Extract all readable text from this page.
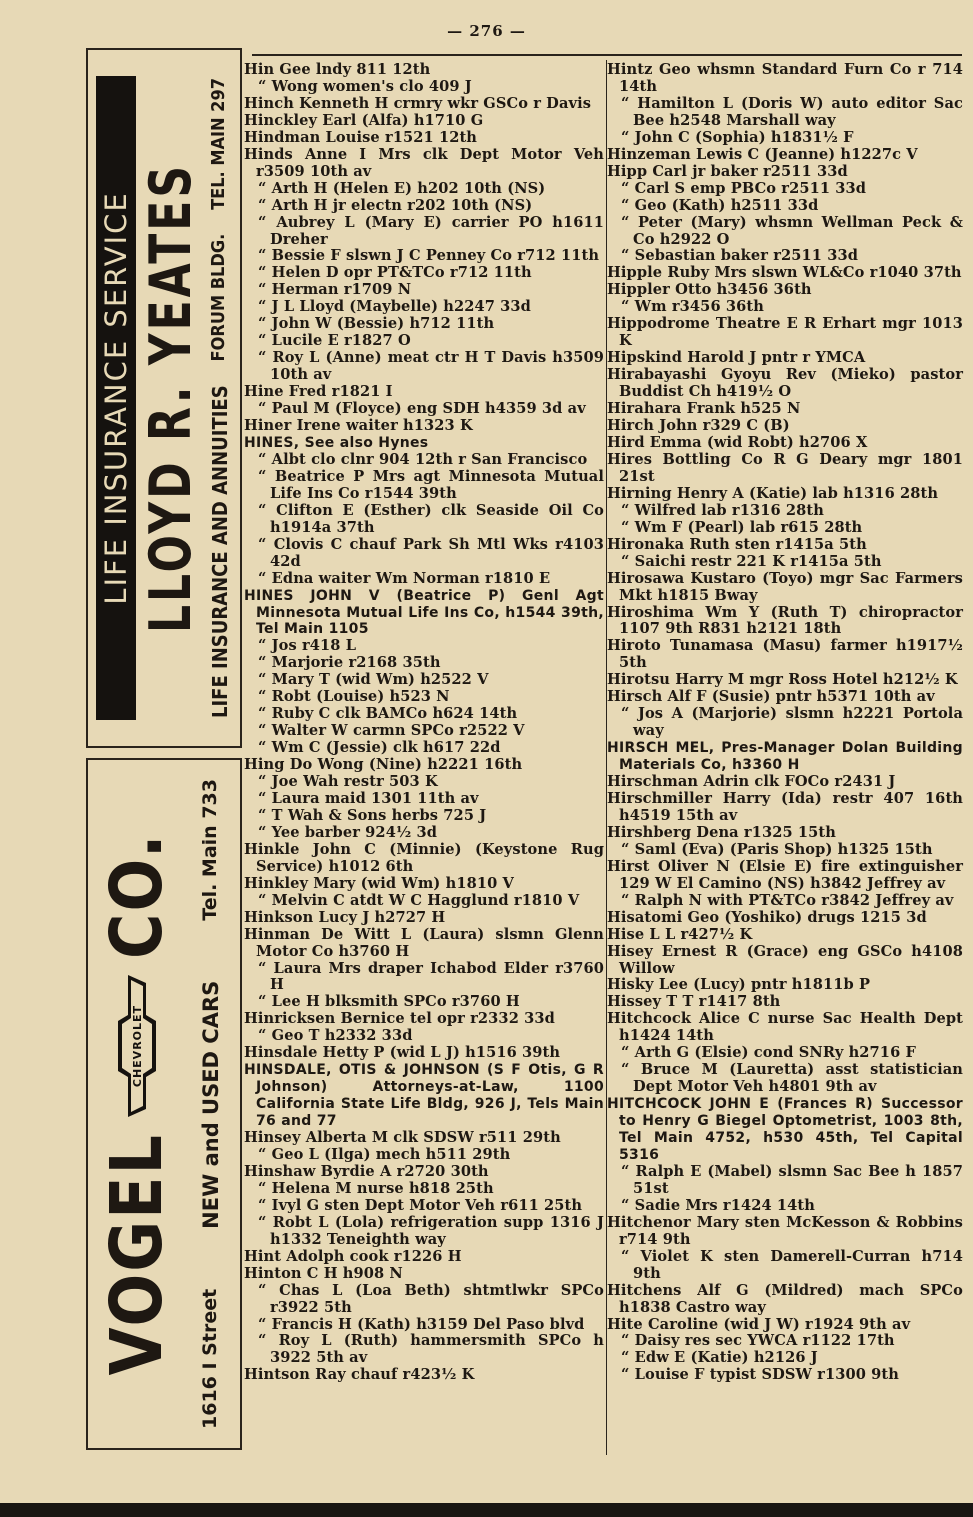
— 276 —
LIFE INSURANCE SERVICE LLOYD R. YEATES LIFE INSURANCE AND ANNUITIES
FORUM BLDG.
TEL. MAIN 297
VOGEL
CHEVROLET
CO.
1616 I Street
NEW and USED CARS
Tel. Main 733

Hin Gee lndy 811 12th

“ Wong women's clo 409 J

Hinch Kenneth H crmry wkr GSCo r Davis

Hinckley Earl (Alfa) h1710 G

Hindman Louise r1521 12th

Hinds Anne I Mrs clk Dept Motor Veh r3509 10th av

“ Arth H (Helen E) h202 10th (NS)

“ Arth H jr electn r202 10th (NS)

“ Aubrey L (Mary E) carrier PO h1611 Dreher

“ Bessie F slswn J C Penney Co r712 11th

“ Helen D opr PT&TCo r712 11th

“ Herman r1709 N

“ J L Lloyd (Maybelle) h2247 33d

“ John W (Bessie) h712 11th

“ Lucile E r1827 O

“ Roy L (Anne) meat ctr H T Davis h3509 10th av

Hine Fred r1821 I

“ Paul M (Floyce) eng SDH h4359 3d av

Hiner Irene waiter h1323 K

HINES, See also Hynes

“ Albt clo clnr 904 12th r San Francisco

“ Beatrice P Mrs agt Minnesota Mutual Life Ins Co r1544 39th

“ Clifton E (Esther) clk Seaside Oil Co h1914a 37th

“ Clovis C chauf Park Sh Mtl Wks r4103 42d

“ Edna waiter Wm Norman r1810 E

HINES JOHN V (Beatrice P) Genl Agt Minnesota Mutual Life Ins Co, h1544 39th, Tel Main 1105

“ Jos r418 L

“ Marjorie r2168 35th

“ Mary T (wid Wm) h2522 V

“ Robt (Louise) h523 N

“ Ruby C clk BAMCo h624 14th

“ Walter W carmn SPCo r2522 V

“ Wm C (Jessie) clk h617 22d

Hing Do Wong (Nine) h2221 16th

“ Joe Wah restr 503 K

“ Laura maid 1301 11th av

“ T Wah & Sons herbs 725 J

“ Yee barber 924½ 3d

Hinkle John C (Minnie) (Keystone Rug Service) h1012 6th

Hinkley Mary (wid Wm) h1810 V

“ Melvin C atdt W C Hagglund r1810 V

Hinkson Lucy J h2727 H

Hinman De Witt L (Laura) slsmn Glenn Motor Co h3760 H

“ Laura Mrs draper Ichabod Elder r3760 H

“ Lee H blksmith SPCo r3760 H

Hinricksen Bernice tel opr r2332 33d

“ Geo T h2332 33d

Hinsdale Hetty P (wid L J) h1516 39th

HINSDALE, OTIS & JOHNSON (S F Otis, G R Johnson) Attorneys-at-Law, 1100 California State Life Bldg, 926 J, Tels Main 76 and 77

Hinsey Alberta M clk SDSW r511 29th

“ Geo L (Ilga) mech h511 29th

Hinshaw Byrdie A r2720 30th

“ Helena M nurse h818 25th

“ Ivyl G sten Dept Motor Veh r611 25th

“ Robt L (Lola) refrigeration supp 1316 J h1332 Teneighth way

Hint Adolph cook r1226 H

Hinton C H h908 N

“ Chas L (Loa Beth) shtmtlwkr SPCo r3922 5th

“ Francis H (Kath) h3159 Del Paso blvd

“ Roy L (Ruth) hammersmith SPCo h 3922 5th av

Hintson Ray chauf r423½ K

Hintz Geo whsmn Standard Furn Co r 714 14th

“ Hamilton L (Doris W) auto editor Sac Bee h2548 Marshall way

“ John C (Sophia) h1831½ F

Hinzeman Lewis C (Jeanne) h1227c V

Hipp Carl jr baker r2511 33d

“ Carl S emp PBCo r2511 33d

“ Geo (Kath) h2511 33d

“ Peter (Mary) whsmn Wellman Peck & Co h2922 O

“ Sebastian baker r2511 33d

Hipple Ruby Mrs slswn WL&Co r1040 37th

Hippler Otto h3456 36th

“ Wm r3456 36th

Hippodrome Theatre E R Erhart mgr 1013 K

Hipskind Harold J pntr r YMCA

Hirabayashi Gyoyu Rev (Mieko) pastor Buddist Ch h419½ O

Hirahara Frank h525 N

Hirch John r329 C (B)

Hird Emma (wid Robt) h2706 X

Hires Bottling Co R G Deary mgr 1801 21st

Hirning Henry A (Katie) lab h1316 28th

“ Wilfred lab r1316 28th

“ Wm F (Pearl) lab r615 28th

Hironaka Ruth sten r1415a 5th

“ Saichi restr 221 K r1415a 5th

Hirosawa Kustaro (Toyo) mgr Sac Farmers Mkt h1815 Bway

Hiroshima Wm Y (Ruth T) chiropractor 1107 9th R831 h2121 18th

Hiroto Tunamasa (Masu) farmer h1917½ 5th

Hirotsu Harry M mgr Ross Hotel h212½ K

Hirsch Alf F (Susie) pntr h5371 10th av

“ Jos A (Marjorie) slsmn h2221 Portola way

HIRSCH MEL, Pres-Manager Dolan Building Materials Co, h3360 H

Hirschman Adrin clk FOCo r2431 J

Hirschmiller Harry (Ida) restr 407 16th h4519 15th av

Hirshberg Dena r1325 15th

“ Saml (Eva) (Paris Shop) h1325 15th

Hirst Oliver N (Elsie E) fire extinguisher 129 W El Camino (NS) h3842 Jeffrey av

“ Ralph N with PT&TCo r3842 Jeffrey av

Hisatomi Geo (Yoshiko) drugs 1215 3d

Hise L L r427½ K

Hisey Ernest R (Grace) eng GSCo h4108 Willow

Hisky Lee (Lucy) pntr h1811b P

Hissey T T r1417 8th

Hitchcock Alice C nurse Sac Health Dept h1424 14th

“ Arth G (Elsie) cond SNRy h2716 F

“ Bruce M (Lauretta) asst statistician Dept Motor Veh h4801 9th av

HITCHCOCK JOHN E (Frances R) Successor to Henry G Biegel Optometrist, 1003 8th, Tel Main 4752, h530 45th, Tel Capital 5316

“ Ralph E (Mabel) slsmn Sac Bee h 1857 51st

“ Sadie Mrs r1424 14th

Hitchenor Mary sten McKesson & Robbins r714 9th

“ Violet K sten Damerell-Curran h714 9th

Hitchens Alf G (Mildred) mach SPCo h1838 Castro way

Hite Caroline (wid J W) r1924 9th av

“ Daisy res sec YWCA r1122 17th

“ Edw E (Katie) h2126 J

“ Louise F typist SDSW r1300 9th
